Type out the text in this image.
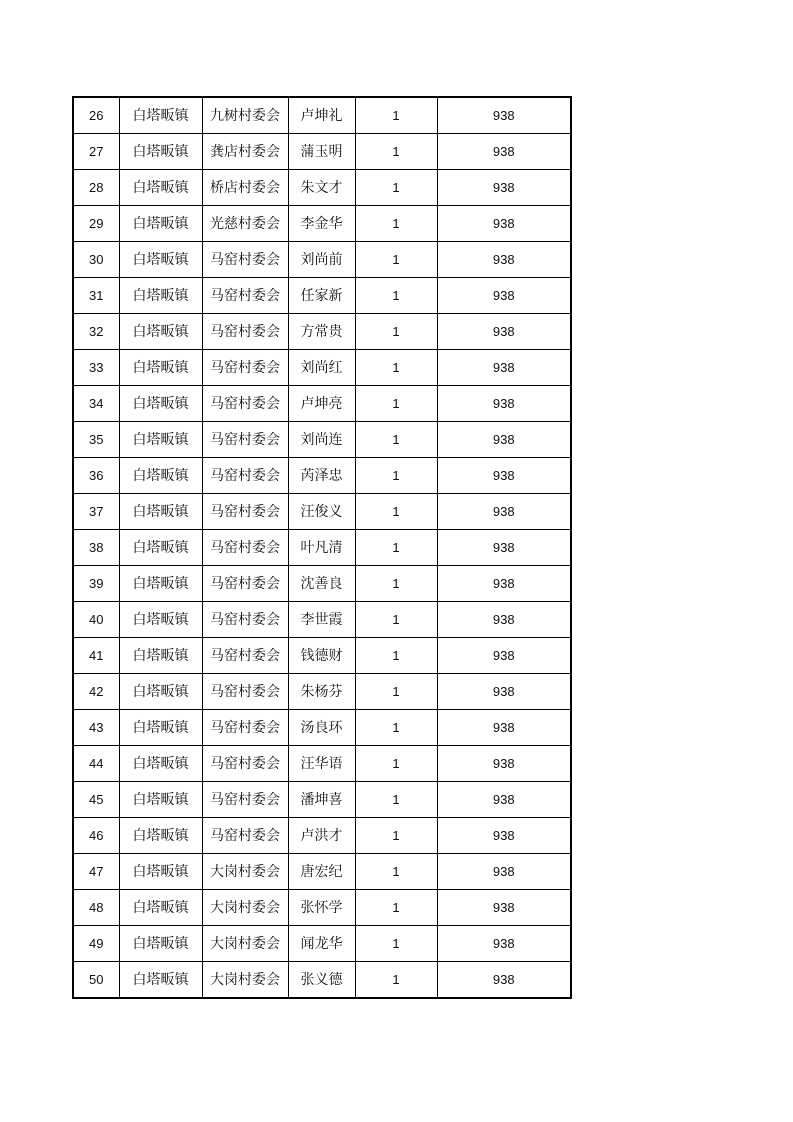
26	白塔畈镇	九树村委会	卢坤礼	1	938
27	白塔畈镇	龚店村委会	蒲玉明	1	938
28	白塔畈镇	桥店村委会	朱文才	1	938
29	白塔畈镇	光慈村委会	李金华	1	938
30	白塔畈镇	马窑村委会	刘尚前	1	938
31	白塔畈镇	马窑村委会	任家新	1	938
32	白塔畈镇	马窑村委会	方常贵	1	938
33	白塔畈镇	马窑村委会	刘尚红	1	938
34	白塔畈镇	马窑村委会	卢坤亮	1	938
35	白塔畈镇	马窑村委会	刘尚连	1	938
36	白塔畈镇	马窑村委会	芮泽忠	1	938
37	白塔畈镇	马窑村委会	汪俊义	1	938
38	白塔畈镇	马窑村委会	叶凡清	1	938
39	白塔畈镇	马窑村委会	沈善良	1	938
40	白塔畈镇	马窑村委会	李世霞	1	938
41	白塔畈镇	马窑村委会	钱德财	1	938
42	白塔畈镇	马窑村委会	朱杨芬	1	938
43	白塔畈镇	马窑村委会	汤良环	1	938
44	白塔畈镇	马窑村委会	汪华语	1	938
45	白塔畈镇	马窑村委会	潘坤喜	1	938
46	白塔畈镇	马窑村委会	卢洪才	1	938
47	白塔畈镇	大岗村委会	唐宏纪	1	938
48	白塔畈镇	大岗村委会	张怀学	1	938
49	白塔畈镇	大岗村委会	闻龙华	1	938
50	白塔畈镇	大岗村委会	张义德	1	938
